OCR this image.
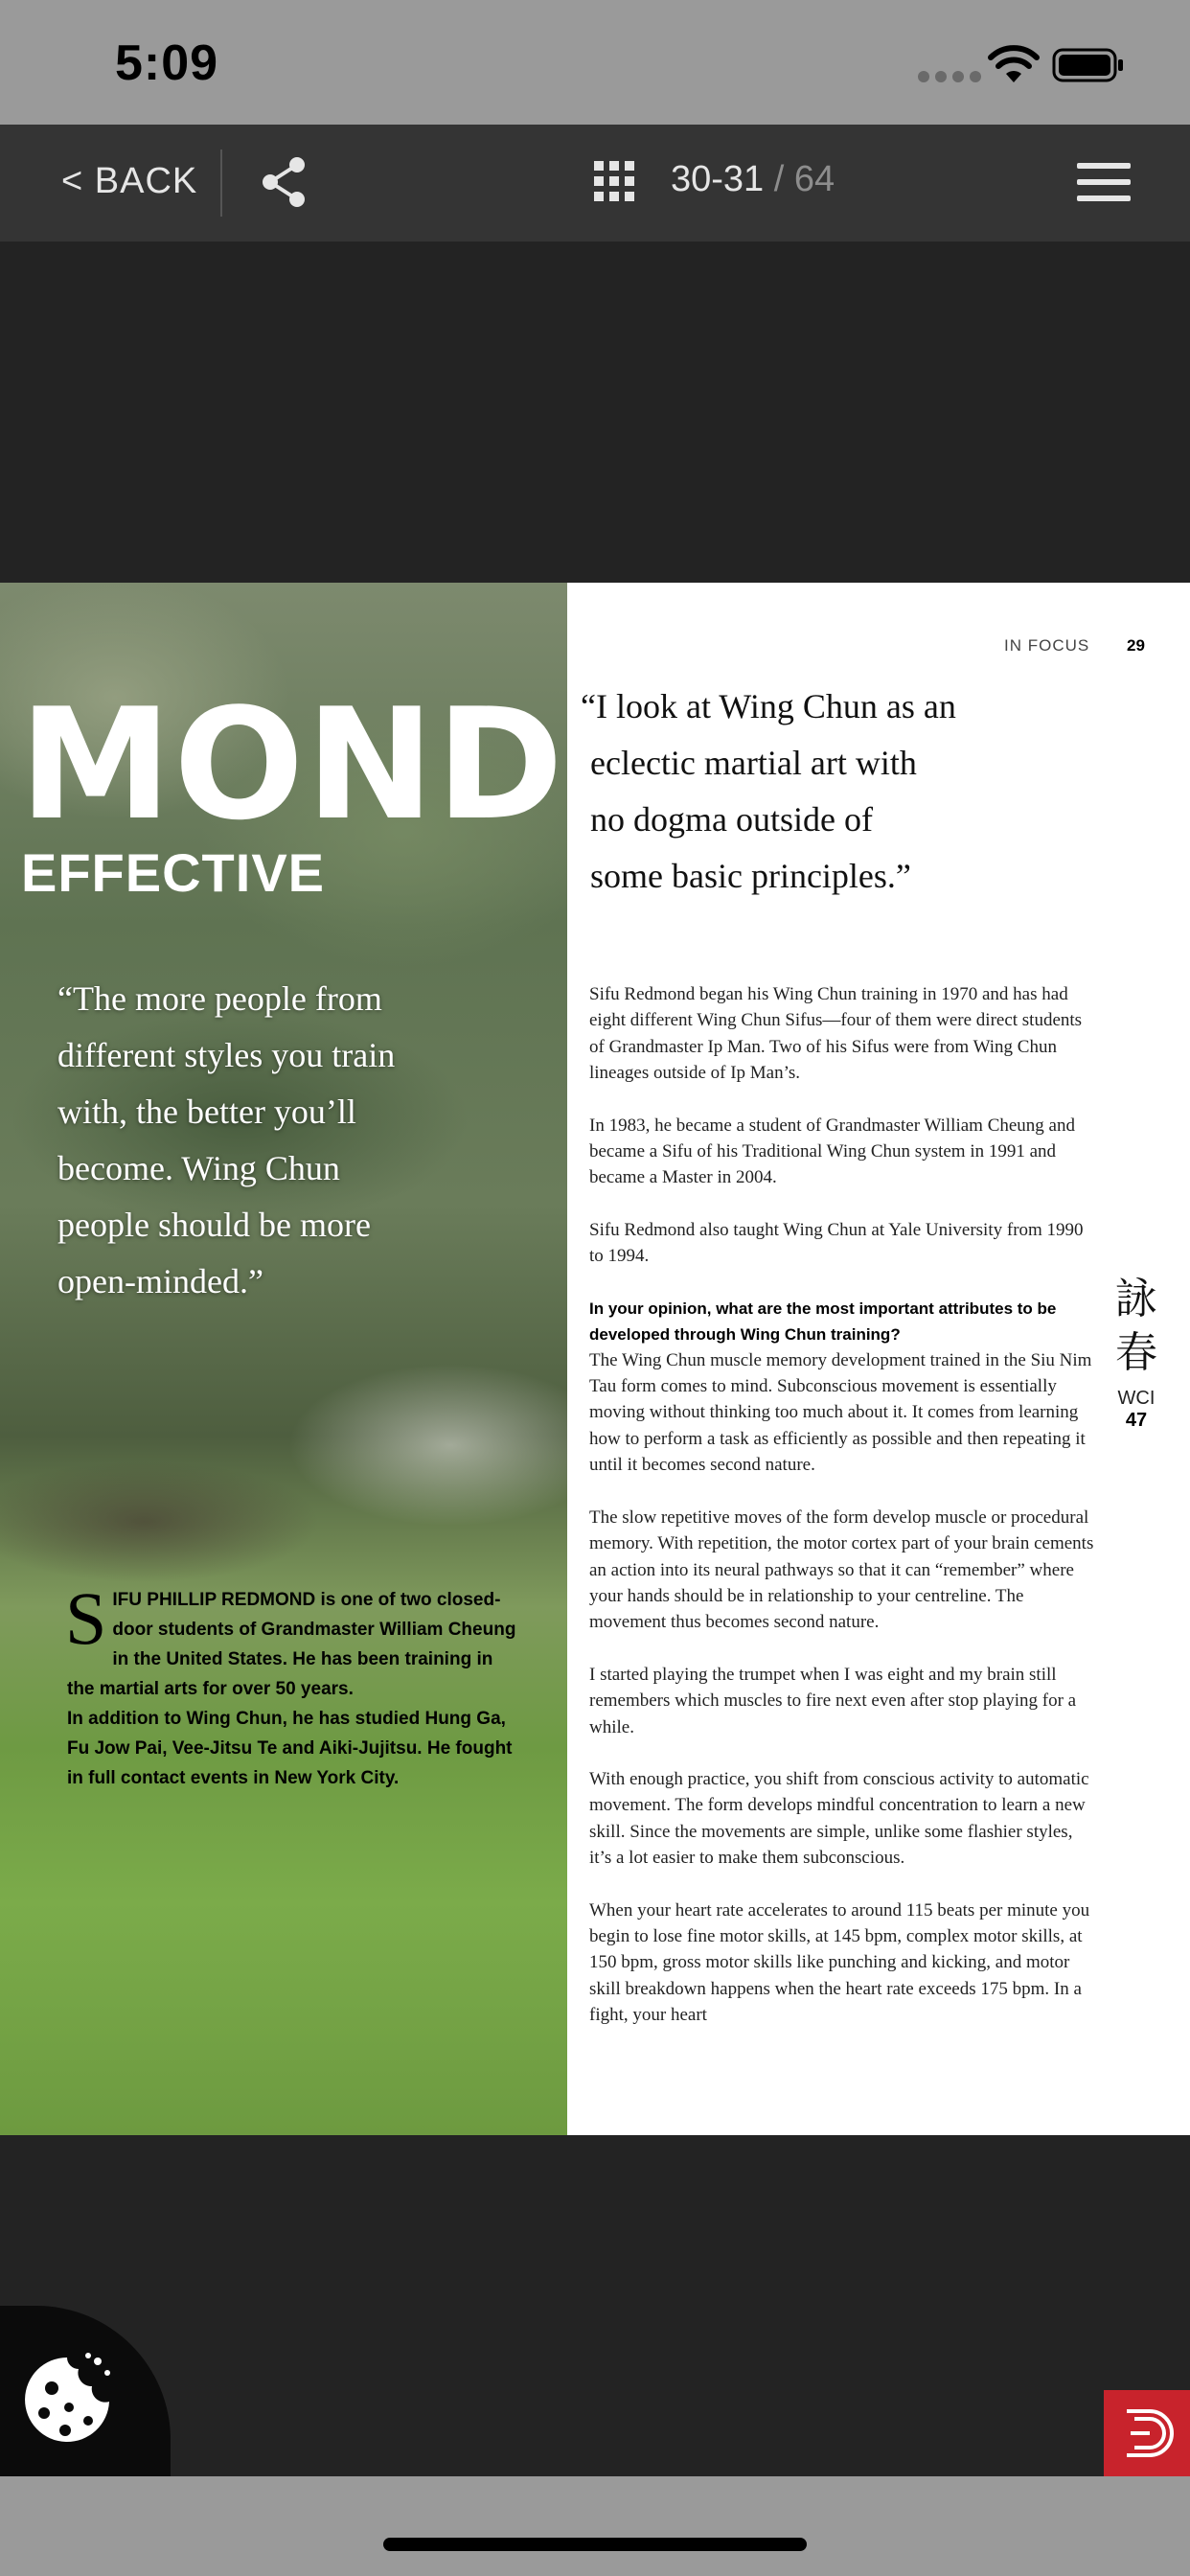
5:09
< BACK	30-31 / 64
MOND
EFFECTIVE
“The more people from
different styles you train
with, the better you’ll
become. Wing Chun
people should be more
open-minded.”
SIFU PHILLIP REDMOND is one of two closed-door students of Grandmaster William Cheung in the United States. He has been training in the martial arts for over 50 years.
In addition to Wing Chun, he has studied Hung Ga, Fu Jow Pai, Vee-Jitsu Te and Aiki-Jujitsu. He fought in full contact events in New York City.
IN FOCUS 29
“I look at Wing Chun as an
eclectic martial art with
no dogma outside of
some basic principles.”

Sifu Redmond began his Wing Chun training in 1970 and has had eight different Wing Chun Sifus—four of them were direct students of Grandmaster Ip Man. Two of his Sifus were from Wing Chun lineages outside of Ip Man’s.

In 1983, he became a student of Grandmaster William Cheung and became a Sifu of his Traditional Wing Chun system in 1991 and became a Master in 2004.

Sifu Redmond also taught Wing Chun at Yale University from 1990 to 1994.

In your opinion, what are the most important attributes to be developed through Wing Chun training?

The Wing Chun muscle memory development trained in the Siu Nim Tau form comes to mind. Subconscious movement is essentially moving without thinking too much about it. It comes from learning how to perform a task as efficiently as possible and then repeating it until it becomes second nature.

The slow repetitive moves of the form develop muscle or procedural memory. With repetition, the motor cortex part of your brain cements an action into its neural pathways so that it can “remember” where your hands should be in relationship to your centreline. The movement thus becomes second nature.

I started playing the trumpet when I was eight and my brain still remembers which muscles to fire next even after stop playing for a while.

With enough practice, you shift from conscious activity to automatic movement. The form develops mindful concentration to learn a new skill. Since the movements are simple, unlike some flashier styles, it’s a lot easier to make them subconscious.

When your heart rate accelerates to around 115 beats per minute you begin to lose fine motor skills, at 145 bpm, complex motor skills, at 150 bpm, gross motor skills like punching and kicking, and motor skill breakdown happens when the heart rate exceeds 175 bpm. In a fight, your heart

詠春
WCI
47
